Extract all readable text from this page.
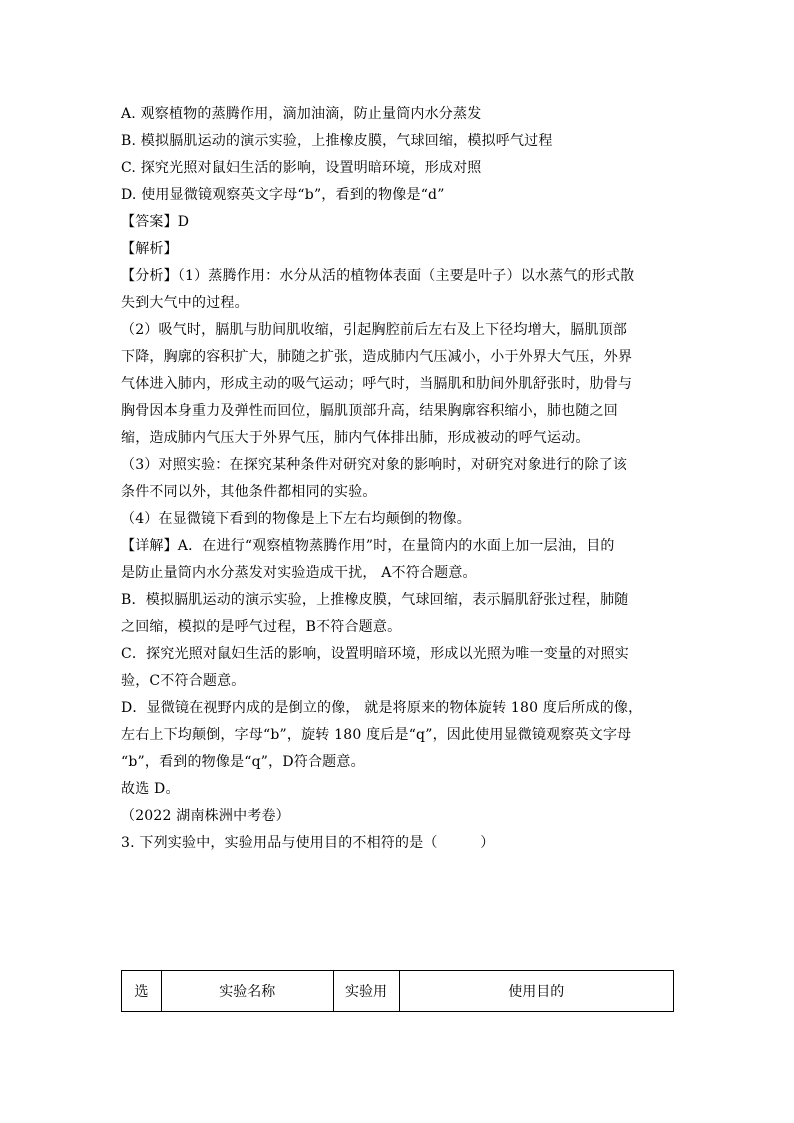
A. 观察植物的蒸腾作用，滴加油滴，防止量筒内水分蒸发
B. 模拟膈肌运动的演示实验，上推橡皮膜，气球回缩，模拟呼气过程
C. 探究光照对鼠妇生活的影响，设置明暗环境，形成对照
D. 使用显微镜观察英文字母“b”，看到的物像是“d”
【答案】D
【解析】
【分析】（1）蒸腾作用：水分从活的植物体表面（主要是叶子）以水蒸气的形式散
失到大气中的过程。
（2）吸气时，膈肌与肋间肌收缩，引起胸腔前后左右及上下径均增大，膈肌顶部
下降，胸廓的容积扩大，肺随之扩张，造成肺内气压减小，小于外界大气压，外界
气体进入肺内，形成主动的吸气运动；呼气时，当膈肌和肋间外肌舒张时，肋骨与
胸骨因本身重力及弹性而回位，膈肌顶部升高，结果胸廓容积缩小，肺也随之回
缩，造成肺内气压大于外界气压，肺内气体排出肺，形成被动的呼气运动。
（3）对照实验：在探究某种条件对研究对象的影响时，对研究对象进行的除了该
条件不同以外，其他条件都相同的实验。
（4）在显微镜下看到的物像是上下左右均颠倒的物像。
【详解】A．在进行“观察植物蒸腾作用”时，在量筒内的水面上加一层油，目的
是防止量筒内水分蒸发对实验造成干扰， A不符合题意。
B．模拟膈肌运动的演示实验，上推橡皮膜，气球回缩，表示膈肌舒张过程，肺随
之回缩，模拟的是呼气过程，B不符合题意。
C．探究光照对鼠妇生活的影响，设置明暗环境，形成以光照为唯一变量的对照实
验，C不符合题意。
D．显微镜在视野内成的是倒立的像， 就是将原来的物体旋转 180 度后所成的像，
左右上下均颠倒，字母“b”，旋转 180 度后是“q”，因此使用显微镜观察英文字母
“b”，看到的物像是“q”，D符合题意。
故选 D。
（2022 湖南株洲中考卷）
3. 下列实验中，实验用品与使用目的不相符的是（　　　）
选	实验名称	实验用	使用目的
